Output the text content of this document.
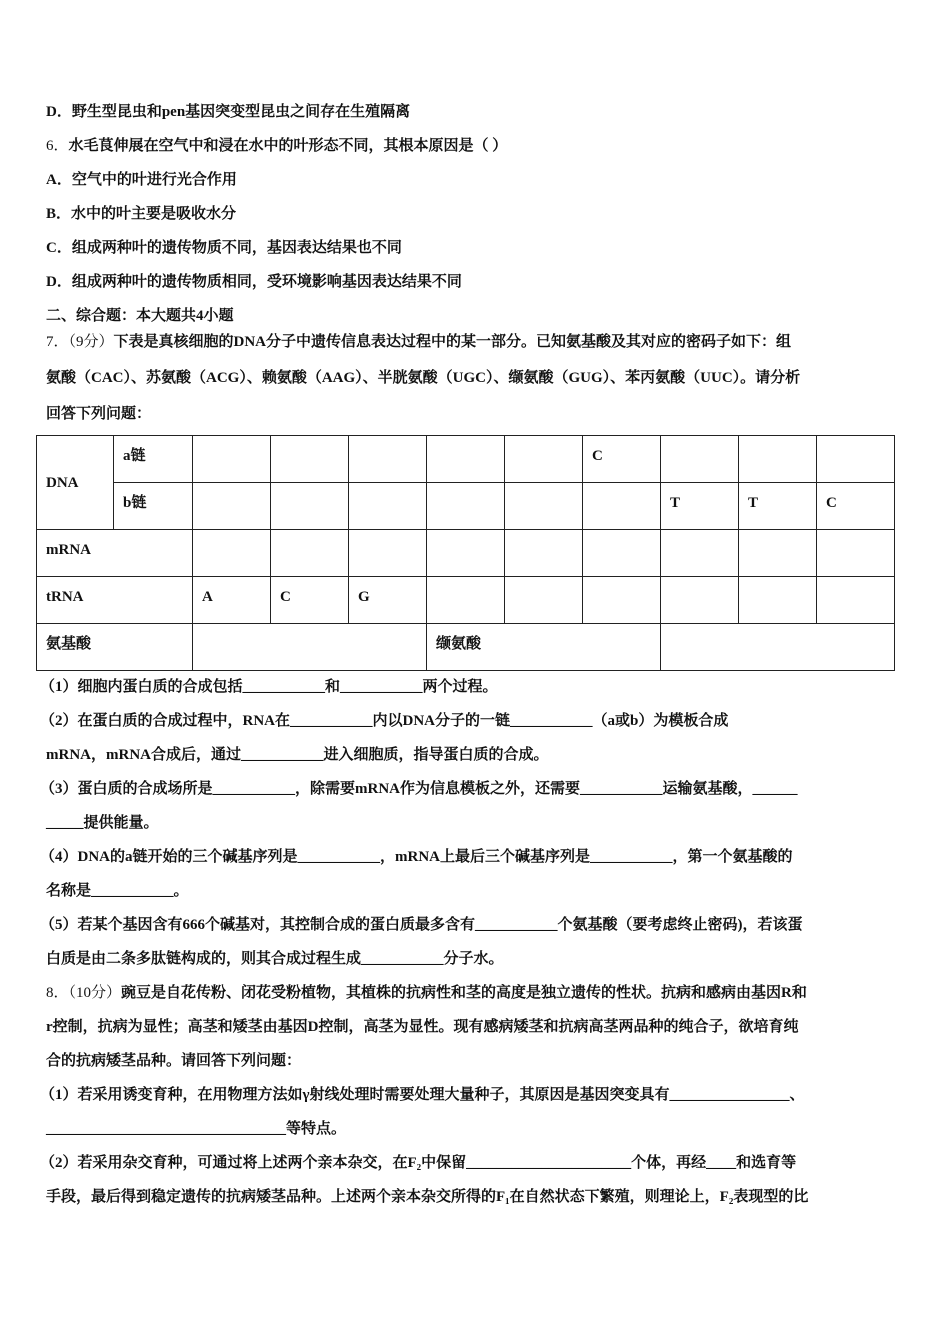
D．野生型昆虫和pen基因突变型昆虫之间存在生殖隔离
6．水毛茛伸展在空气中和浸在水中的叶形态不同，其根本原因是（ ）
A．空气中的叶进行光合作用
B．水中的叶主要是吸收水分
C．组成两种叶的遗传物质不同，基因表达结果也不同
D．组成两种叶的遗传物质相同，受环境影响基因表达结果不同
二、综合题：本大题共4小题
7．（9分）下表是真核细胞的DNA分子中遗传信息表达过程中的某一部分。已知氨基酸及其对应的密码子如下：组
氨酸（CAC）、苏氨酸（ACG）、赖氨酸（AAG）、半胱氨酸（UGC）、缬氨酸（GUG）、苯丙氨酸（UUC）。请分析
回答下列问题：
DNA	a链						C			
	b链							T	T	C
mRNA										
tRNA		A	C	G						
氨基酸					缬氨酸					
（1）细胞内蛋白质的合成包括___________和___________两个过程。
（2）在蛋白质的合成过程中，RNA在___________内以DNA分子的一链___________（a或b）为模板合成
mRNA，mRNA合成后，通过___________进入细胞质，指导蛋白质的合成。
（3）蛋白质的合成场所是___________，除需要mRNA作为信息模板之外，还需要___________运输氨基酸，______
_____提供能量。
（4）DNA的a链开始的三个碱基序列是___________，mRNA上最后三个碱基序列是___________，第一个氨基酸的
名称是___________。
（5）若某个基因含有666个碱基对，其控制合成的蛋白质最多含有___________个氨基酸（要考虑终止密码)，若该蛋
白质是由二条多肽链构成的，则其合成过程生成___________分子水。
8．（10分）豌豆是自花传粉、闭花受粉植物，其植株的抗病性和茎的高度是独立遗传的性状。抗病和感病由基因R和
r控制，抗病为显性；高茎和矮茎由基因D控制，高茎为显性。现有感病矮茎和抗病高茎两品种的纯合子，欲培育纯
合的抗病矮茎品种。请回答下列问题：
（1）若采用诱变育种，在用物理方法如γ射线处理时需要处理大量种子，其原因是基因突变具有________________、
________________________________等特点。
（2）若采用杂交育种，可通过将上述两个亲本杂交，在F₂中保留______________________个体，再经____和选育等
手段，最后得到稳定遗传的抗病矮茎品种。上述两个亲本杂交所得的F₁在自然状态下繁殖，则理论上，F₂表现型的比
